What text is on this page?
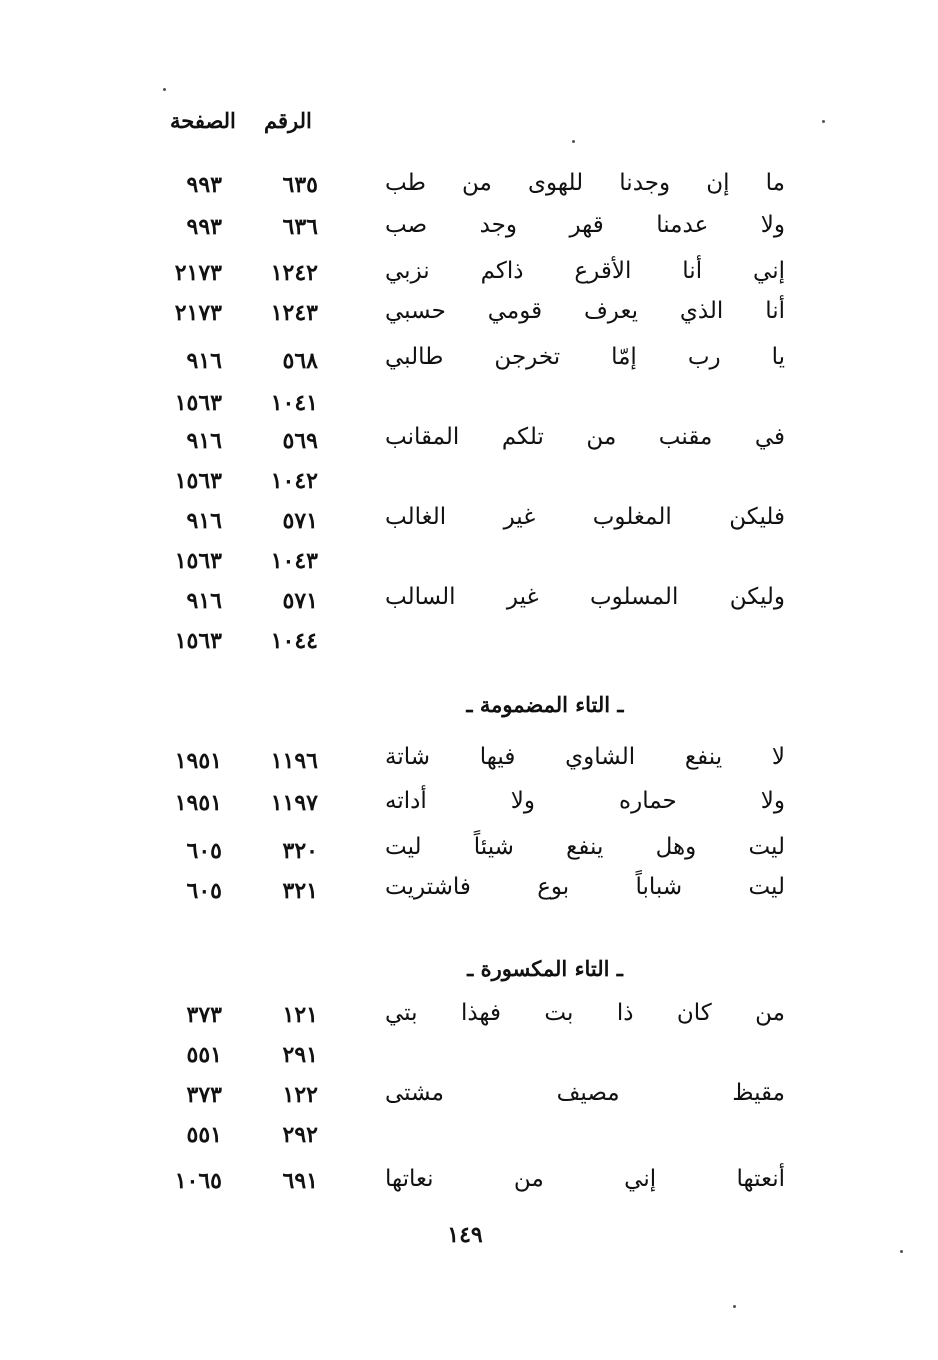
الرقم
الصفحة
ما إن وجدنا للهوى من طب
٦٣٥
٩٩٣
ولا عدمنا قهر وجد صب
٦٣٦
٩٩٣
إني أنا الأقرع ذاكم نزبي
١٢٤٢
٢١٧٣
أنا الذي يعرف قومي حسبي
١٢٤٣
٢١٧٣
يا رب إمّا تخرجن طالبي
٥٦٨
٩١٦
١٠٤١
١٥٦٣
في مقنب من تلكم المقانب
٥٦٩
٩١٦
١٠٤٢
١٥٦٣
فليكن المغلوب غير الغالب
٥٧١
٩١٦
١٠٤٣
١٥٦٣
وليكن المسلوب غير السالب
٥٧١
٩١٦
١٠٤٤
١٥٦٣
ـ التاء المضمومة ـ
لا ينفع الشاوي فيها شاتة
١١٩٦
١٩٥١
ولا حماره ولا أداته
١١٩٧
١٩٥١
ليت وهل ينفع شيئاً ليت
٣٢٠
٦٠٥
ليت شباباً بوع فاشتريت
٣٢١
٦٠٥
ـ التاء المكسورة ـ
من كان ذا بت فهذا بتي
١٢١
٣٧٣
٢٩١
٥٥١
مقيظ مصيف مشتى
١٢٢
٣٧٣
٢٩٢
٥٥١
أنعتها إني من نعاتها
٦٩١
١٠٦٥
١٤٩
